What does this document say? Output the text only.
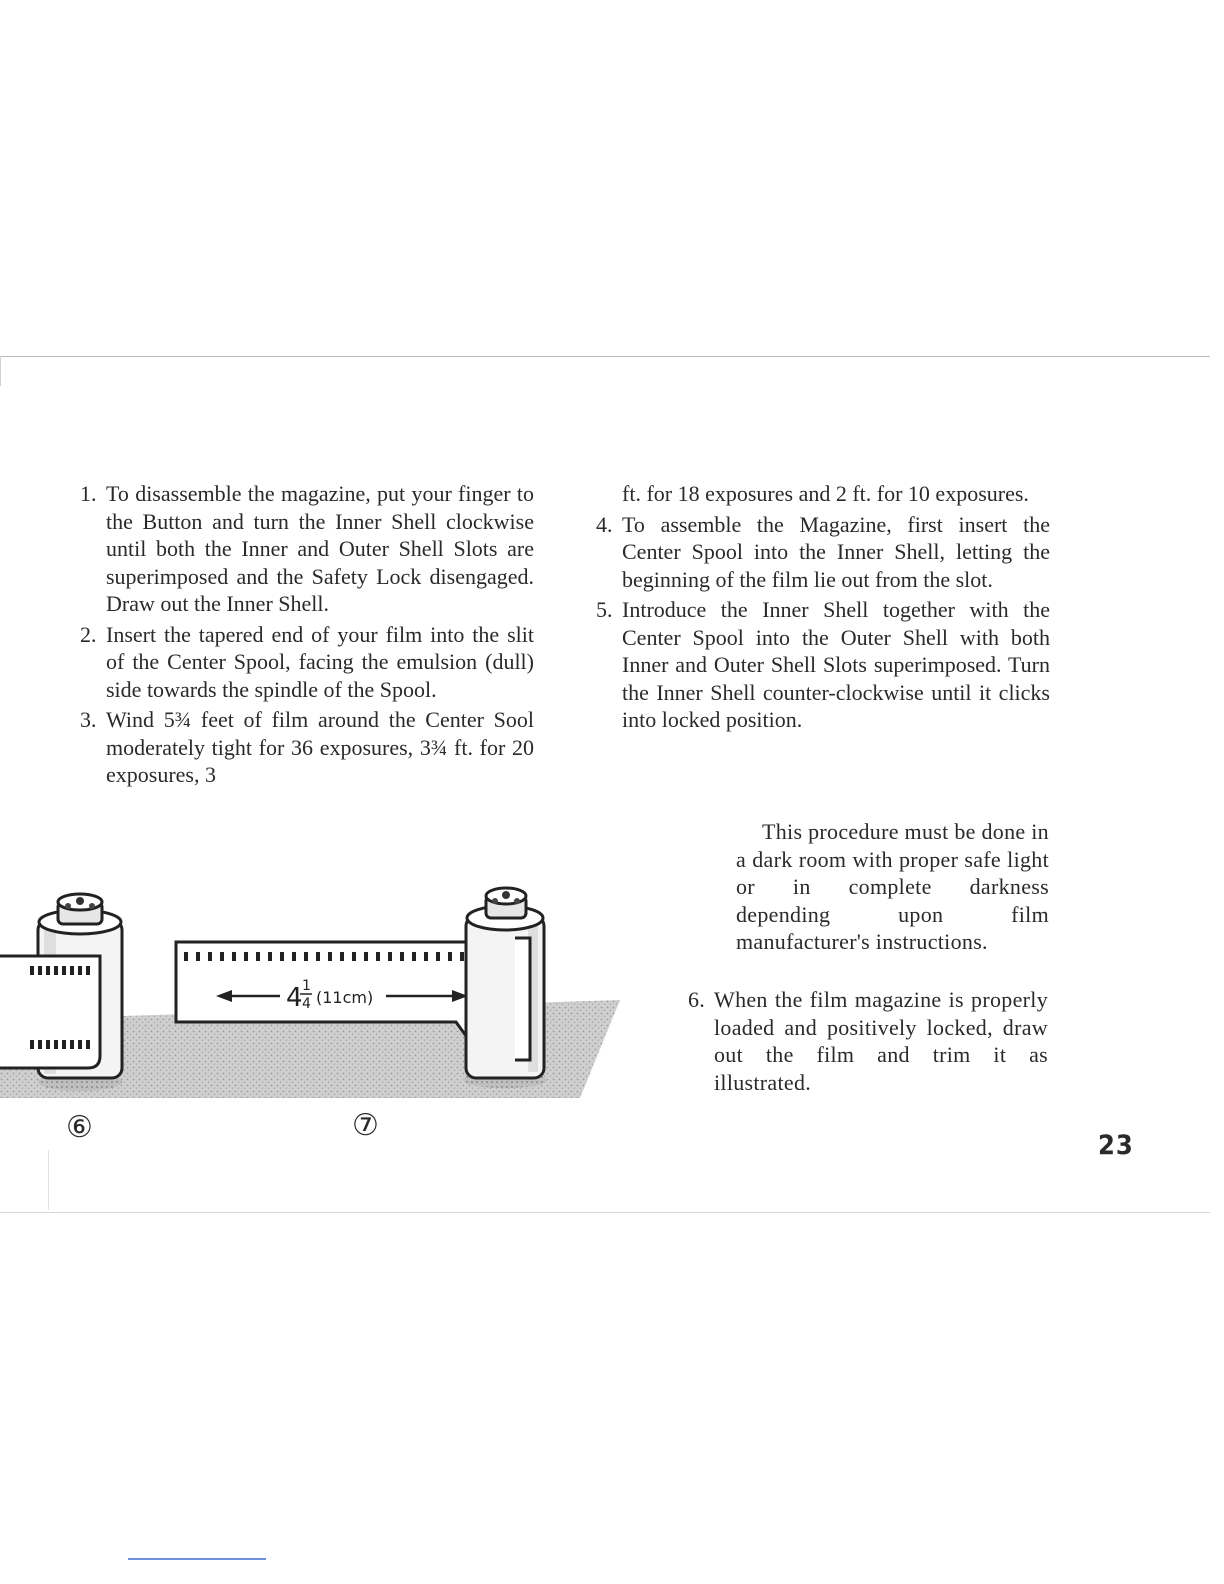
1. To disassemble the magazine, put your finger to the Button and turn the Inner Shell clockwise until both the Inner and Outer Shell Slots are superimposed and the Safety Lock disengaged. Draw out the Inner Shell.

2. Insert the tapered end of your film into the slit of the Center Spool, facing the emulsion (dull) side towards the spindle of the Spool.

3. Wind 5¾ feet of film around the Center Sool moderately tight for 36 exposures, 3¾ ft. for 20 exposures, 3

ft. for 18 exposures and 2 ft. for 10 exposures.

4. To assemble the Magazine, first insert the Center Spool into the Inner Shell, letting the beginning of the film lie out from the slot.

5. Introduce the Inner Shell together with the Center Spool into the Outer Shell with both Inner and Outer Shell Slots superimposed. Turn the Inner Shell counter-clockwise until it clicks into locked position.

This procedure must be done in a dark room with proper safe light or in complete darkness depending upon film manufacturer's instructions.

6. When the film magazine is properly loaded and positively locked, draw out the film and trim it as illustrated.

4 1
4 (11cm)
⑥	⑦
23
